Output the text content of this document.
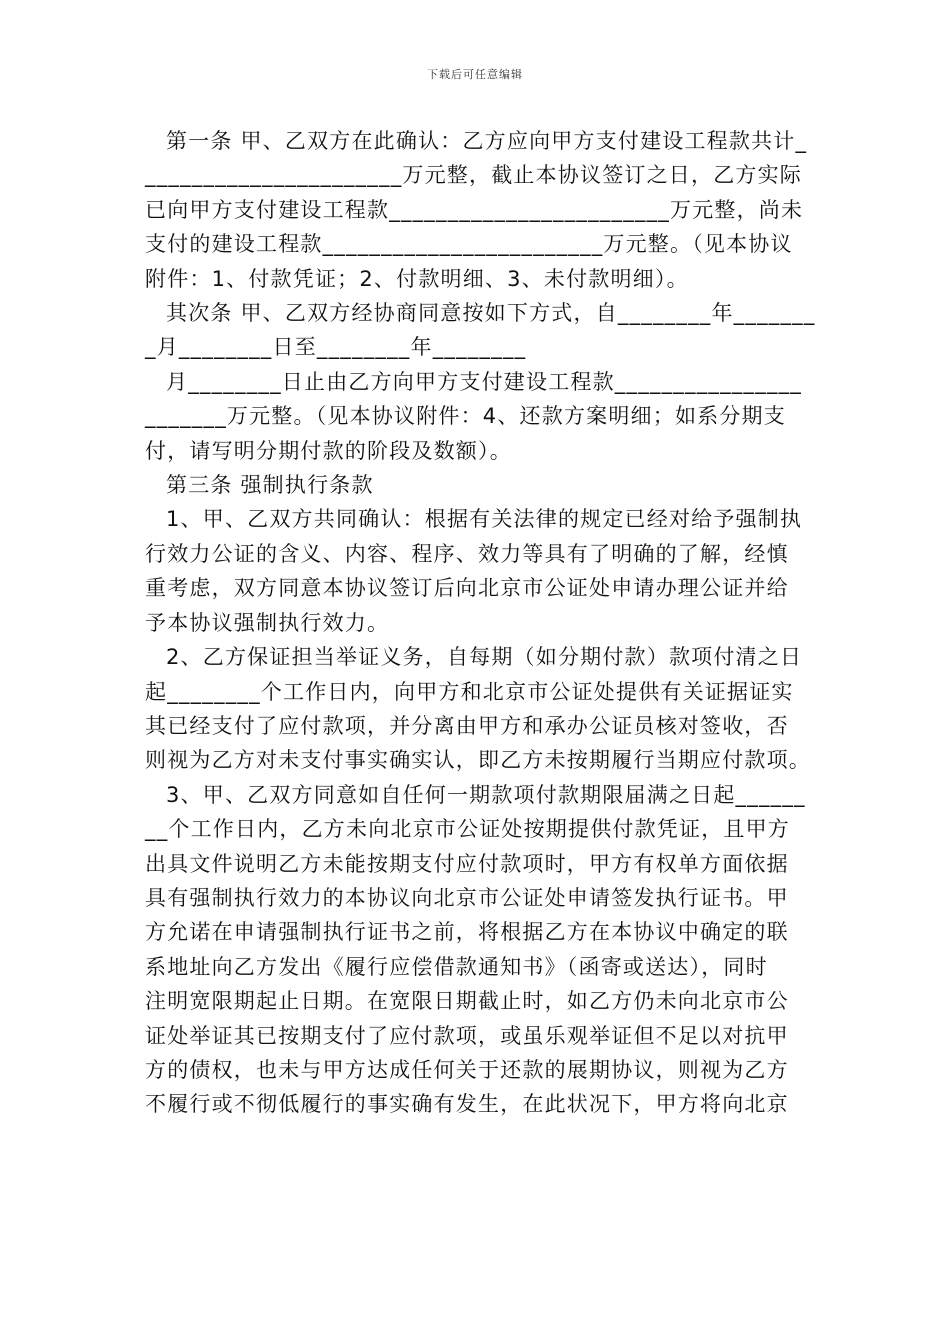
下载后可任意编辑

第一条 甲、乙双方在此确认：乙方应向甲方支付建设工程款共计_
______________________万元整，截止本协议签订之日，乙方实际
已向甲方支付建设工程款________________________万元整，尚未
支付的建设工程款________________________万元整。（见本协议
附件：1、付款凭证；2、付款明细、3、未付款明细）。

其次条 甲、乙双方经协商同意按如下方式，自________年_______
_月________日至________年________

月________日止由乙方向甲方支付建设工程款________________
_______万元整。（见本协议附件：4、还款方案明细；如系分期支
付，请写明分期付款的阶段及数额）。

第三条 强制执行条款

1、甲、乙双方共同确认：根据有关法律的规定已经对给予强制执
行效力公证的含义、内容、程序、效力等具有了明确的了解，经慎
重考虑，双方同意本协议签订后向北京市公证处申请办理公证并给
予本协议强制执行效力。

2、乙方保证担当举证义务，自每期（如分期付款）款项付清之日
起________个工作日内，向甲方和北京市公证处提供有关证据证实
其已经支付了应付款项，并分离由甲方和承办公证员核对签收，否
则视为乙方对未支付事实确实认，即乙方未按期履行当期应付款项。

3、甲、乙双方同意如自任何一期款项付款期限届满之日起______
__个工作日内，乙方未向北京市公证处按期提供付款凭证，且甲方
出具文件说明乙方未能按期支付应付款项时，甲方有权单方面依据
具有强制执行效力的本协议向北京市公证处申请签发执行证书。甲
方允诺在申请强制执行证书之前，将根据乙方在本协议中确定的联
系地址向乙方发出《履行应偿借款通知书》（函寄或送达），同时
注明宽限期起止日期。在宽限日期截止时，如乙方仍未向北京市公
证处举证其已按期支付了应付款项，或虽乐观举证但不足以对抗甲
方的债权，也未与甲方达成任何关于还款的展期协议，则视为乙方
不履行或不彻低履行的事实确有发生，在此状况下，甲方将向北京
